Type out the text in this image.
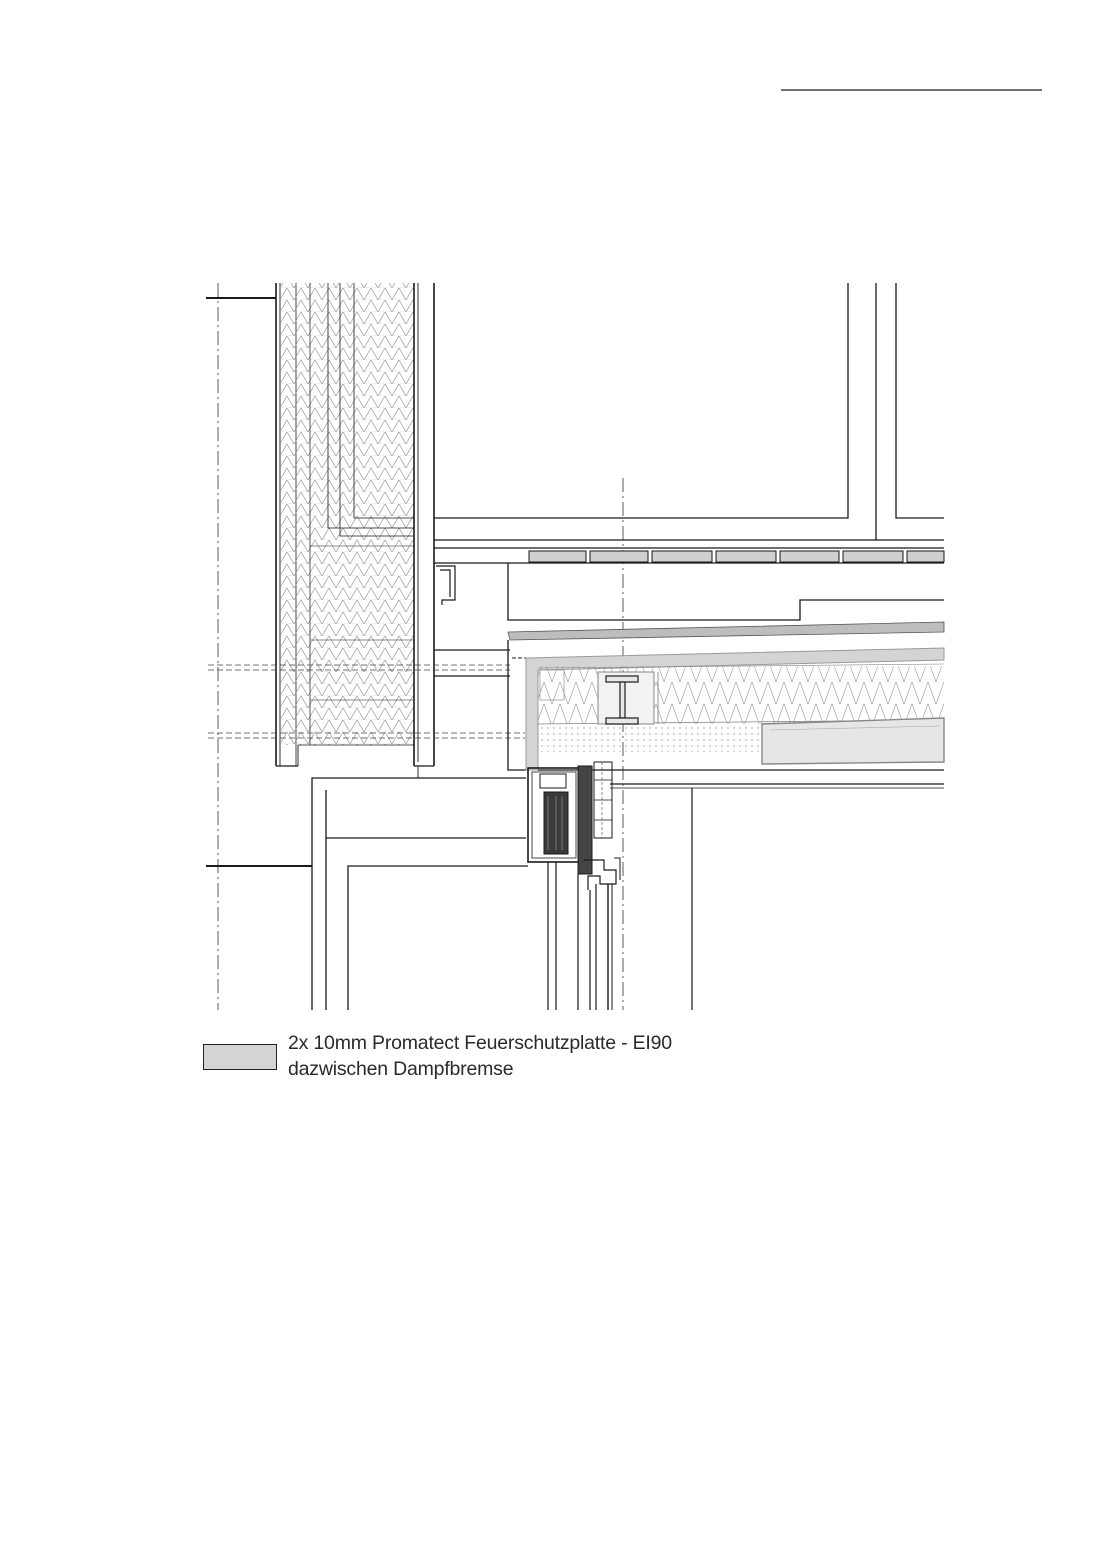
2x 10mm Promatect Feuerschutzplatte - EI90
dazwischen Dampfbremse
